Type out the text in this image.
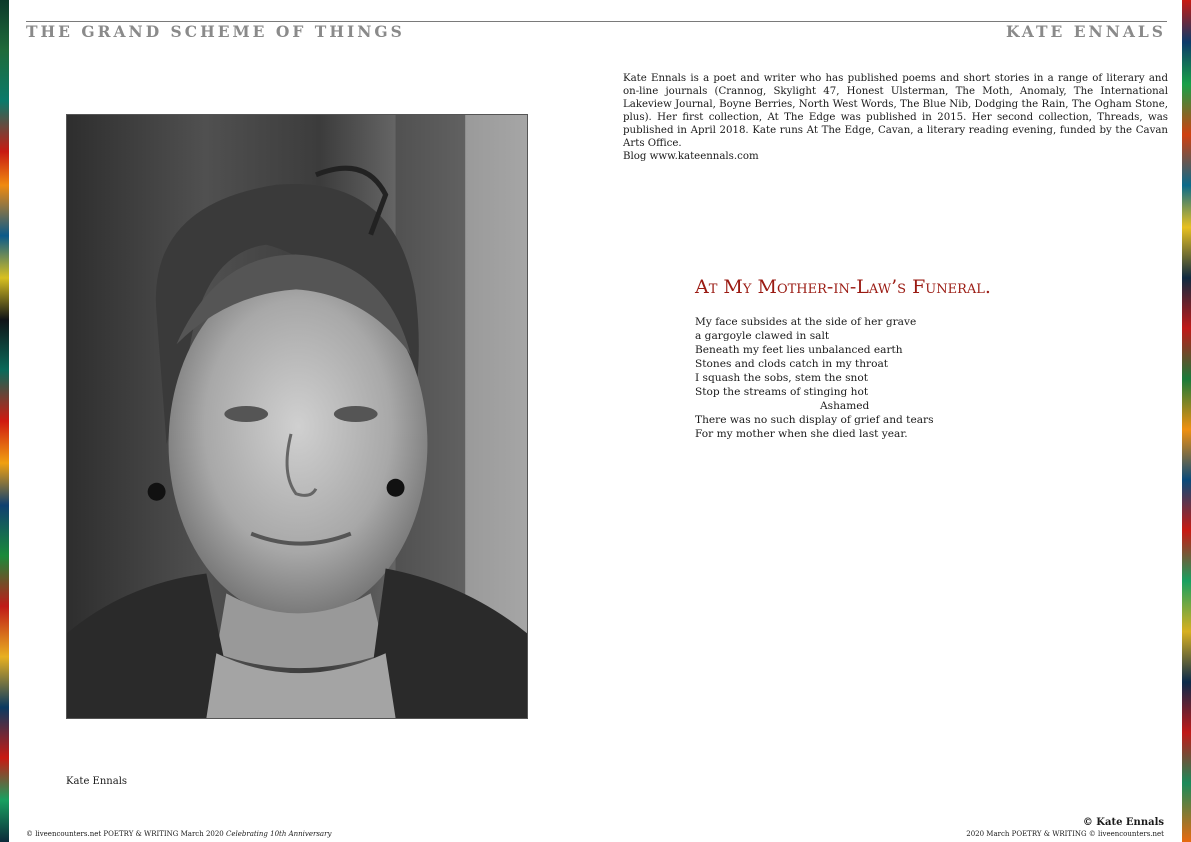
THE GRAND SCHEME OF THINGS	KATE ENNALS
Kate Ennals
Kate Ennals is a poet and writer who has published poems and short stories in a range of literary and on-line journals (Crannog, Skylight 47, Honest Ulsterman, The Moth, Anomaly, The International Lakeview Journal, Boyne Berries, North West Words, The Blue Nib, Dodging the Rain, The Ogham Stone, plus). Her first collection, At The Edge was published in 2015. Her second collection, Threads, was published in April 2018. Kate runs At The Edge, Cavan, a literary reading evening, funded by the Cavan Arts Office.
Blog www.kateennals.com
At My Mother-in-Law’s Funeral.
My face subsides at the side of her grave
a gargoyle clawed in salt
Beneath my feet lies unbalanced earth
Stones and clods catch in my throat
I squash the sobs, stem the snot
Stop the streams of stinging hot
Ashamed
There was no such display of grief and tears
For my mother when she died last year.
© Kate Ennals
© liveencounters.net POETRY & WRITING March 2020 Celebrating 10th Anniversary	2020 March POETRY & WRITING © liveencounters.net
